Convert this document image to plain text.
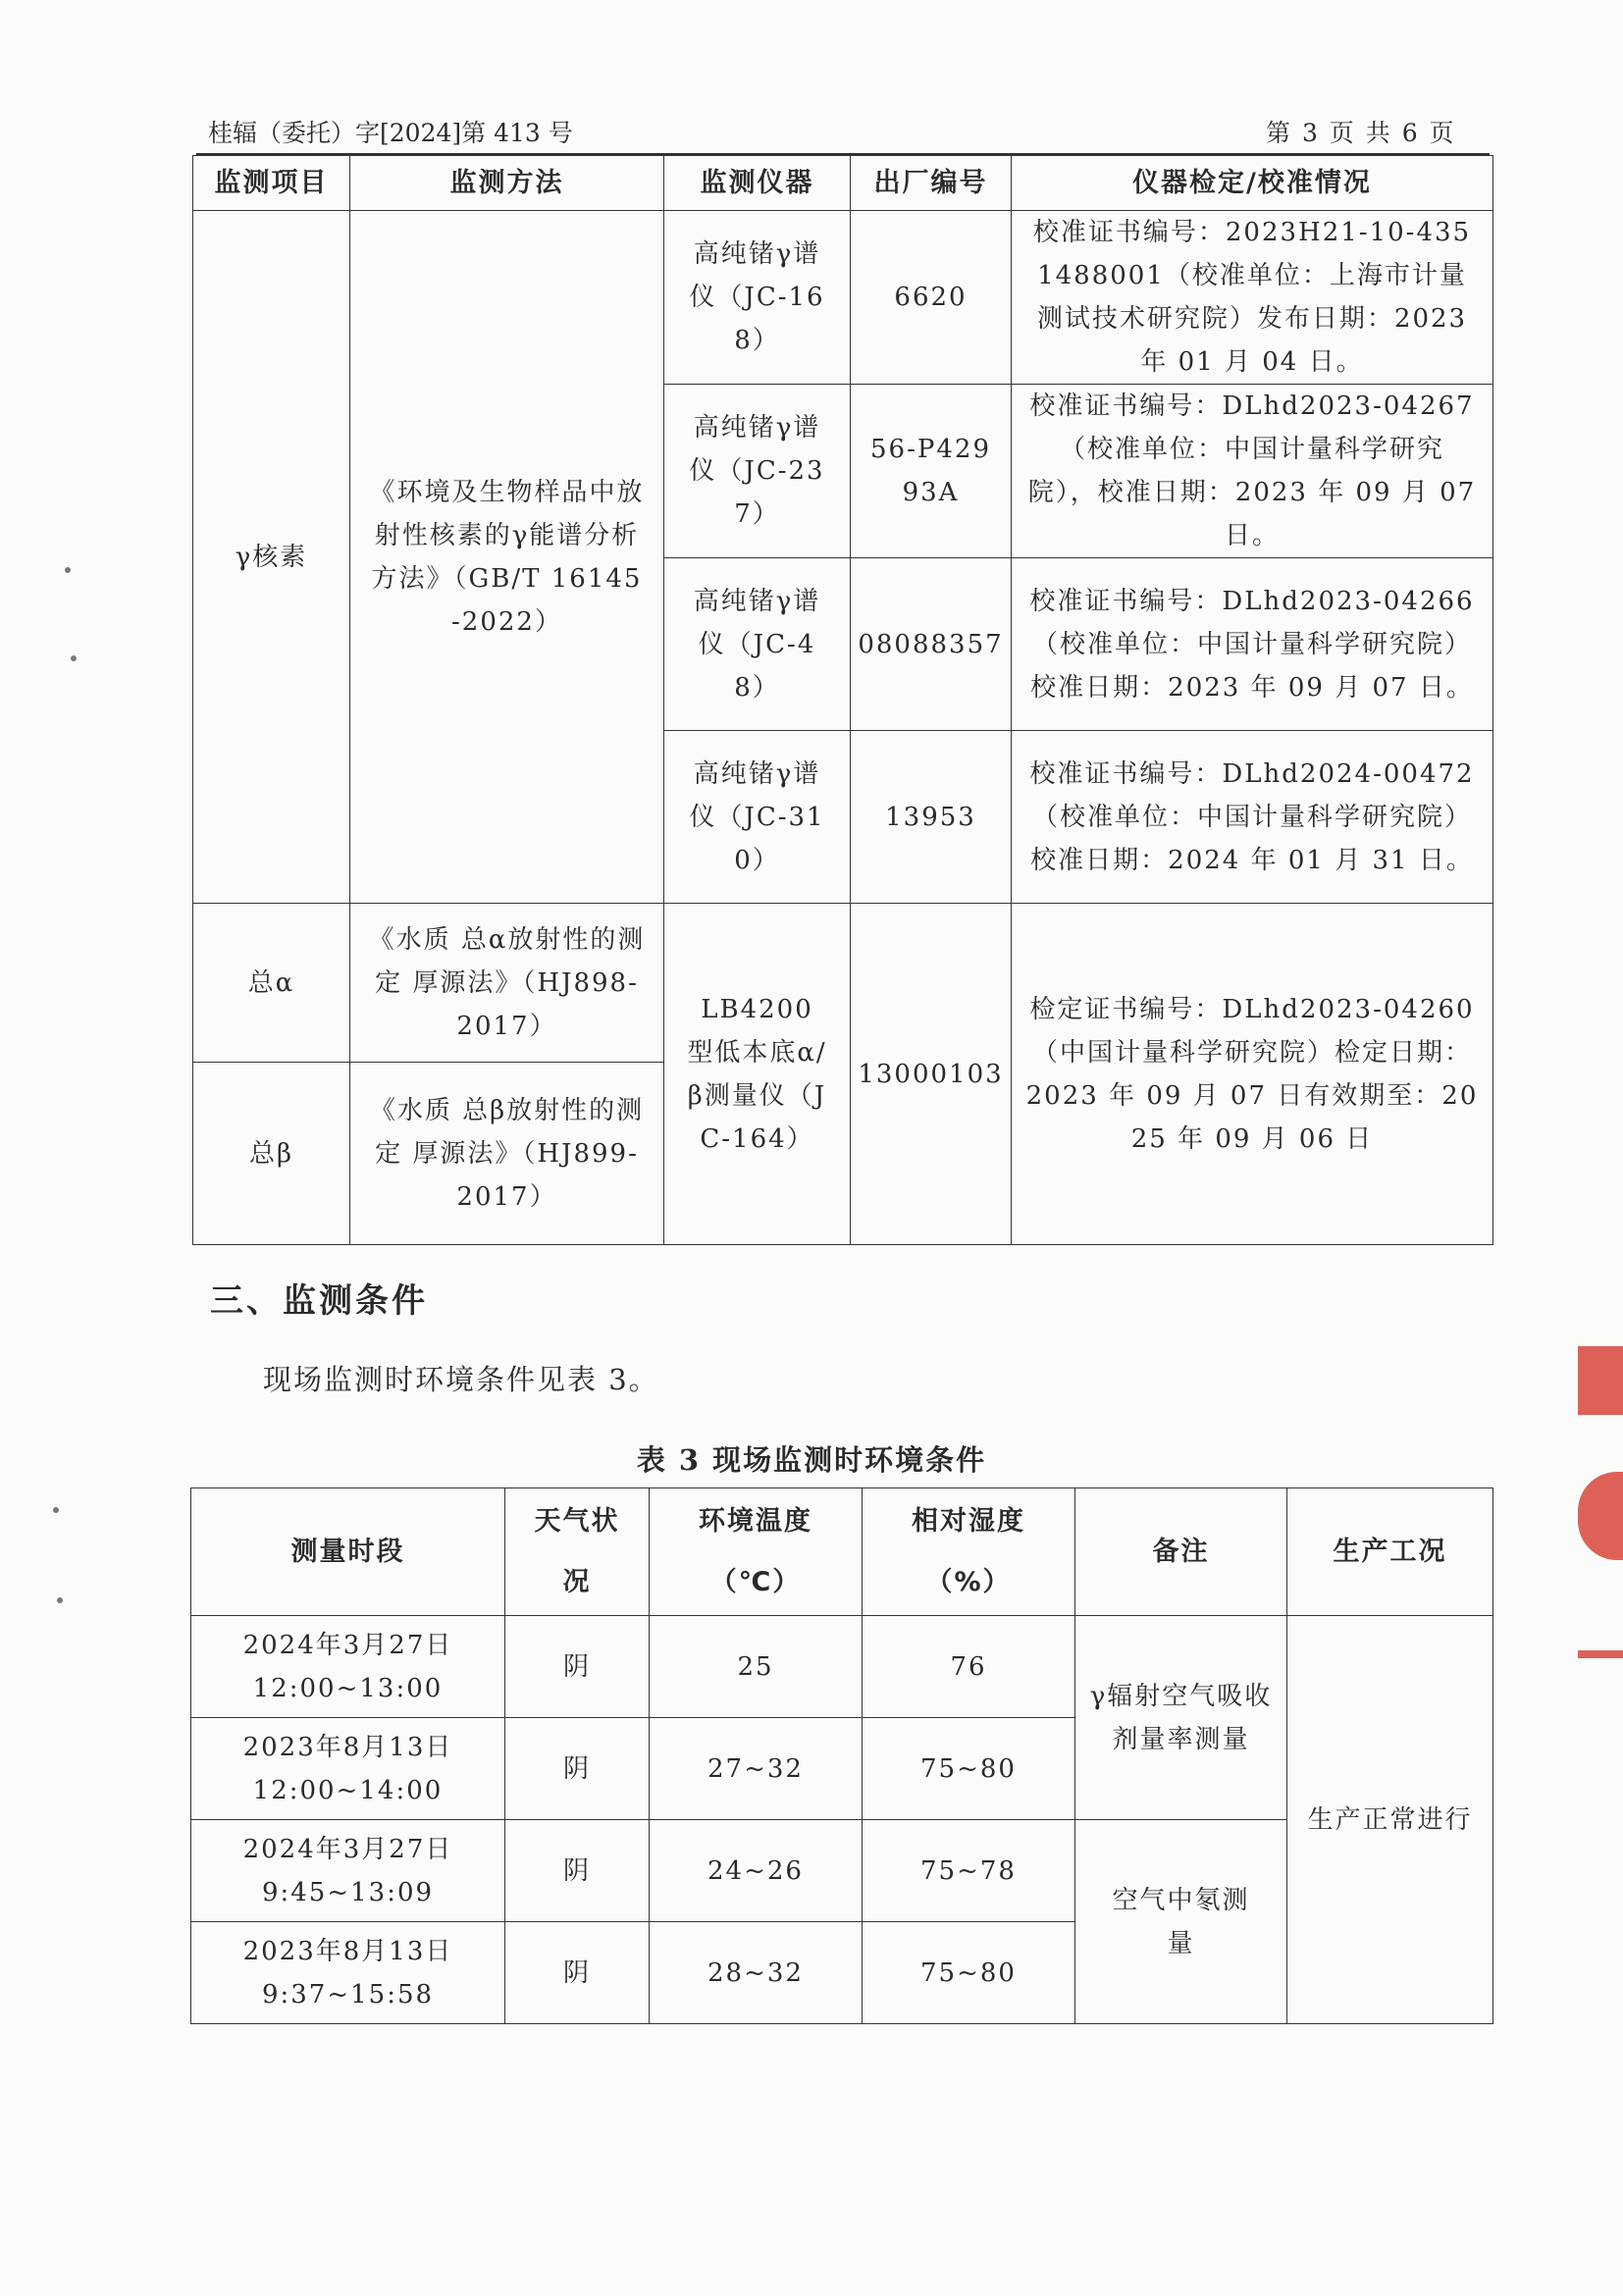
桂辐（委托）字[2024]第 413 号	第 3 页 共 6 页
监测项目	监测方法	监测仪器	出厂编号	仪器检定/校准情况
γ核素	《环境及生物样品中放射性核素的γ能谱分析方法》（GB/T 16145-2022）	高纯锗γ谱仪（JC-168）	6620	校准证书编号：2023H21-10-4351488001（校准单位：上海市计量测试技术研究院）发布日期：2023 年 01 月 04 日。
		高纯锗γ谱仪（JC-237）	56-P42993A	校准证书编号：DLhd2023-04267（校准单位：中国计量科学研究院），校准日期：2023 年 09 月 07 日。
		高纯锗γ谱仪（JC-48）	08088357	校准证书编号：DLhd2023-04266（校准单位：中国计量科学研究院）校准日期：2023 年 09 月 07 日。
		高纯锗γ谱仪（JC-310）	13953	校准证书编号：DLhd2024-00472（校准单位：中国计量科学研究院）校准日期：2024 年 01 月 31 日。
总α	《水质 总α放射性的测定 厚源法》（HJ898-2017）	LB4200 型低本底α/β测量仪（JC-164）	13000103	检定证书编号：DLhd2023-04260（中国计量科学研究院）检定日期：2023 年 09 月 07 日有效期至：2025 年 09 月 06 日
总β	《水质 总β放射性的测定 厚源法》（HJ899-2017）			
三、监测条件
现场监测时环境条件见表 3。
表 3 现场监测时环境条件
测量时段	天气状况	环境温度（℃）	相对湿度（%）	备注	生产工况
2024年3月27日 12:00~13:00	阴	25	76	γ辐射空气吸收剂量率测量	生产正常进行
2023年8月13日 12:00~14:00	阴	27~32	75~80		
2024年3月27日 9:45~13:09	阴	24~26	75~78	空气中氡测量	
2023年8月13日 9:37~15:58	阴	28~32	75~80		
